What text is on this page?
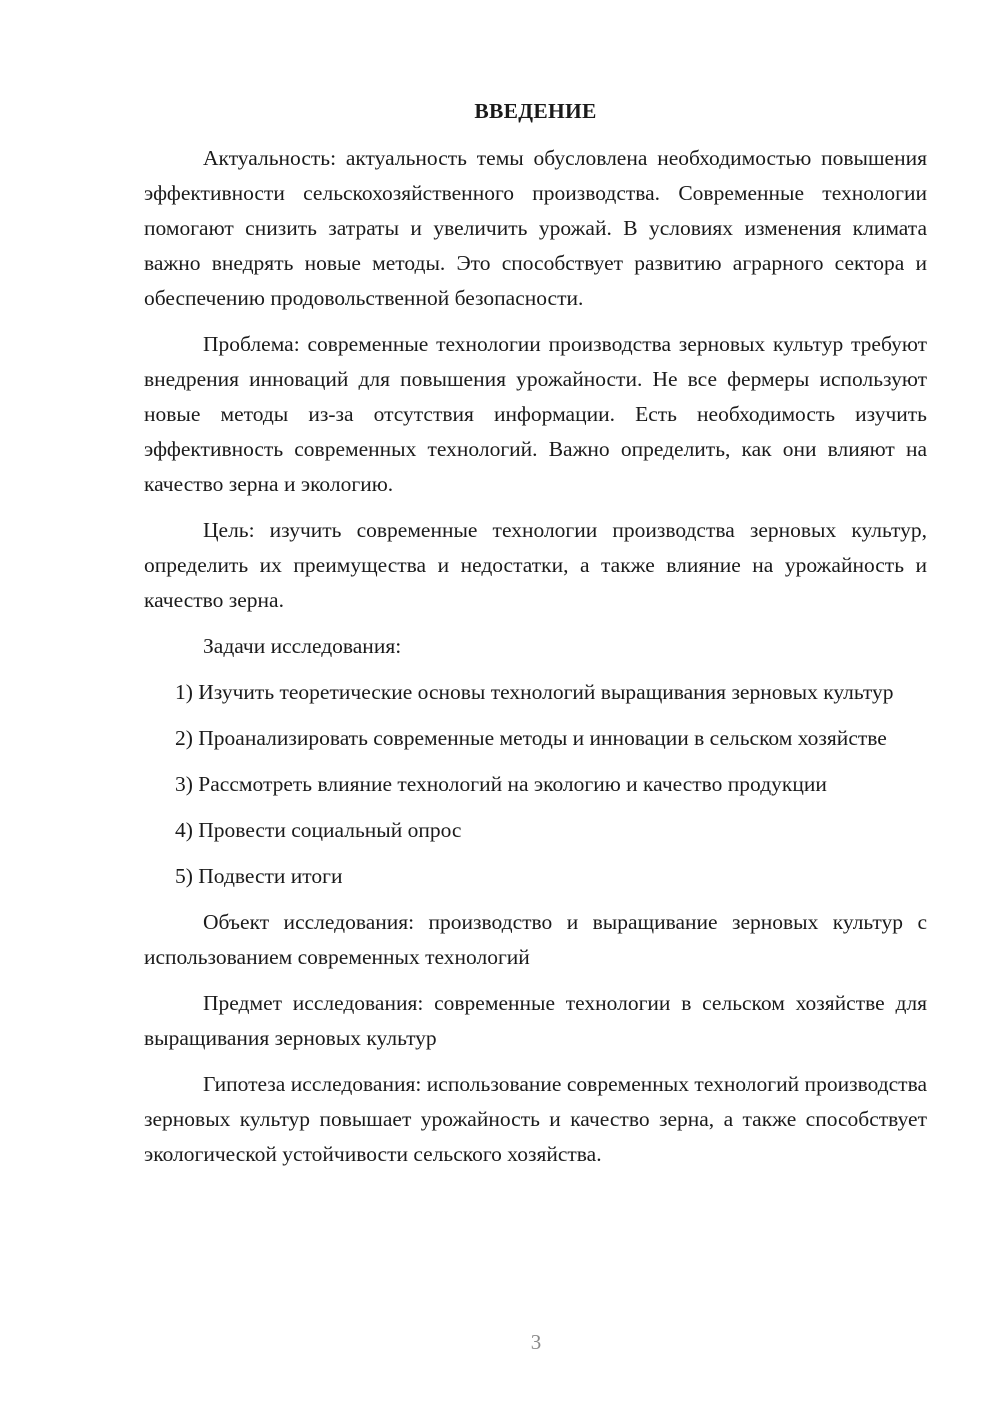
ВВЕДЕНИЕ

Актуальность: актуальность темы обусловлена необходимостью повышения эффективности сельскохозяйственного производства. Современные технологии помогают снизить затраты и увеличить урожай. В условиях изменения климата важно внедрять новые методы. Это способствует развитию аграрного сектора и обеспечению продовольственной безопасности.

Проблема: современные технологии производства зерновых культур требуют внедрения инноваций для повышения урожайности. Не все фермеры используют новые методы из-за отсутствия информации. Есть необходимость изучить эффективность современных технологий. Важно определить, как они влияют на качество зерна и экологию.

Цель: изучить современные технологии производства зерновых культур, определить их преимущества и недостатки, а также влияние на урожайность и качество зерна.

Задачи исследования:

1) Изучить теоретические основы технологий выращивания зерновых культур

2) Проанализировать современные методы и инновации в сельском хозяйстве

3) Рассмотреть влияние технологий на экологию и качество продукции

4) Провести социальный опрос

5) Подвести итоги

Объект исследования: производство и выращивание зерновых культур с использованием современных технологий

Предмет исследования: современные технологии в сельском хозяйстве для выращивания зерновых культур

Гипотеза исследования: использование современных технологий производства зерновых культур повышает урожайность и качество зерна, а также способствует экологической устойчивости сельского хозяйства.

3
